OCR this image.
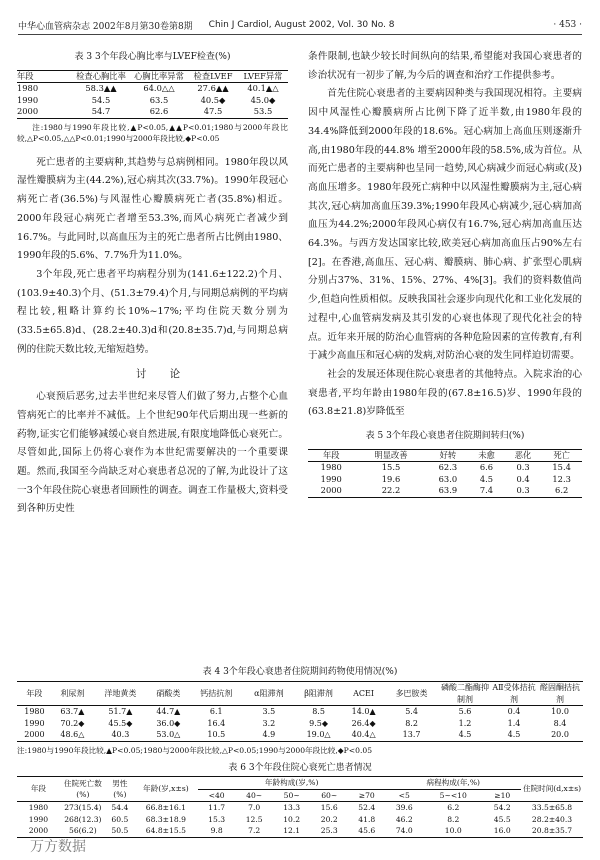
中华心血管病杂志 2002年8月第30卷第8期	Chin J Cardiol, August 2002, Vol. 30 No. 8	· 453 ·

表 3 3个年段心胸比率与LVEF检查(%)

年段	检查心胸比率	心胸比率异常	检查LVEF	LVEF异常
1980	58.3▲▲	64.0△△	27.6▲▲	40.1▲△
1990	54.5	63.5	40.5◆	45.0◆
2000	54.7	62.6	47.5	53.5

注:1980与1990年段比较,▲P<0.05,▲▲P<0.01;1980与2000年段比较,△P<0.05,△△P<0.01;1990与2000年段比较,◆P<0.05

死亡患者的主要病种,其趋势与总病例相同。1980年段以风湿性瓣膜病为主(44.2%),冠心病其次(33.7%)。1990年段冠心病死亡者(36.5%)与风湿性心瓣膜病死亡者(35.8%)相近。2000年段冠心病死亡者增至53.3%,而风心病死亡者减少到16.7%。与此同时,以高血压为主的死亡患者所占比例由1980、1990年段的5.6%、7.7%升为11.0%。

3个年段,死亡患者平均病程分别为(141.6±122.2)个月、(103.9±40.3)个月、(51.3±79.4)个月,与同期总病例的平均病程比较,粗略计算约长10%~17%;平均住院天数分别为(33.5±65.8)d、(28.2±40.3)d和(20.8±35.7)d,与同期总病例的住院天数比较,无缩短趋势。

讨 论

心衰预后恶劣,过去半世纪来尽管人们做了努力,占整个心血管病死亡的比率并不减低。上个世纪90年代后期出现一些新的药物,证实它们能够减缓心衰自然进展,有限度地降低心衰死亡。尽管如此,国际上仍将心衰作为本世纪需要解决的一个重要课题。然而,我国至今尚缺乏对心衰患者总况的了解,为此设计了这一3个年段住院心衰患者回顾性的调查。调查工作量极大,资料受到各种历史性

条件限制,也缺少较长时间纵向的结果,希望能对我国心衰患者的诊治状况有一初步了解,为今后的调查和治疗工作提供参考。

首先住院心衰患者的主要病因种类与我国现况相符。主要病因中风湿性心瓣膜病所占比例下降了近半数,由1980年段的34.4%降低到2000年段的18.6%。冠心病加上高血压则逐渐升高,由1980年段的44.8% 增至2000年段的58.5%,成为首位。从而死亡患者的主要病种也呈同一趋势,风心病减少而冠心病或(及)高血压增多。1980年段死亡病种中以风湿性瓣膜病为主,冠心病其次,冠心病加高血压39.3%;1990年段风心病减少,冠心病加高血压为44.2%;2000年段风心病仅有16.7%,冠心病加高血压达64.3%。与西方发达国家比较,欧美冠心病加高血压占90%左右[2]。在香港,高血压、冠心病、瓣膜病、肺心病、扩张型心肌病分别占37%、31%、15%、27%、4%[3]。我们的资料数值尚少,但趋向性质相似。反映我国社会逐步向现代化和工业化发展的过程中,心血管病发病及其引发的心衰也体现了现代化社会的特点。近年来开展的防治心血管病的各种危险因素的宣传教育,有利于减少高血压和冠心病的发病,对防治心衰的发生同样迫切需要。

社会的发展还体现住院心衰患者的其他特点。入院求治的心衰患者,平均年龄由1980年段的(67.8±16.5)岁、1990年段的(63.8±21.8)岁降低至

表 5 3个年段心衰患者住院期间转归(%)

年段	明显改善	好转	未愈	恶化	死亡
1980	15.5	62.3	6.6	0.3	15.4
1990	19.6	63.0	4.5	0.4	12.3
2000	22.2	63.9	7.4	0.3	6.2

表 4 3个年段心衰患者住院期间药物使用情况(%)

年段	利尿剂	洋地黄类	硝酸类	钙拮抗剂	α阻滞剂	β阻滞剂	ACEI	多巴胺类	磷酸二酯酶抑制剂	AⅡ受体拮抗剂	醛固酮拮抗剂
1980	63.7▲	51.7▲	44.7▲	6.1	3.5	8.5	14.0▲	5.4	5.6	0.4	10.0
1990	70.2◆	45.5◆	36.0◆	16.4	3.2	9.5◆	26.4◆	8.2	1.2	1.4	8.4
2000	48.6△	40.3	53.0△	10.5	4.9	19.0△	40.4△	13.7	4.5	4.5	20.0

注:1980与1990年段比较,▲P<0.05;1980与2000年段比较,△P<0.05;1990与2000年段比较,◆P<0.05

表 6 3个年段住院心衰死亡患者情况

年段	住院死亡数(%)	男性(%)	年龄(岁,x±s)	年龄构成(岁,%)					病程构成(年,%)			住院时间(d,x±s)
				<40	40~	50~	60~	≥70	<5	5~<10	≥10	
1980	273(15.4)	54.4	66.8±16.1	11.7	7.0	13.3	15.6	52.4	39.6	6.2	54.2	33.5±65.8
1990	268(12.3)	60.5	68.3±18.9	15.3	12.5	10.2	20.2	41.8	46.2	8.2	45.5	28.2±40.3
2000	56(6.2)	50.5	64.8±15.5	9.8	7.2	12.1	25.3	45.6	74.0	10.0	16.0	20.8±35.7
万方数据
